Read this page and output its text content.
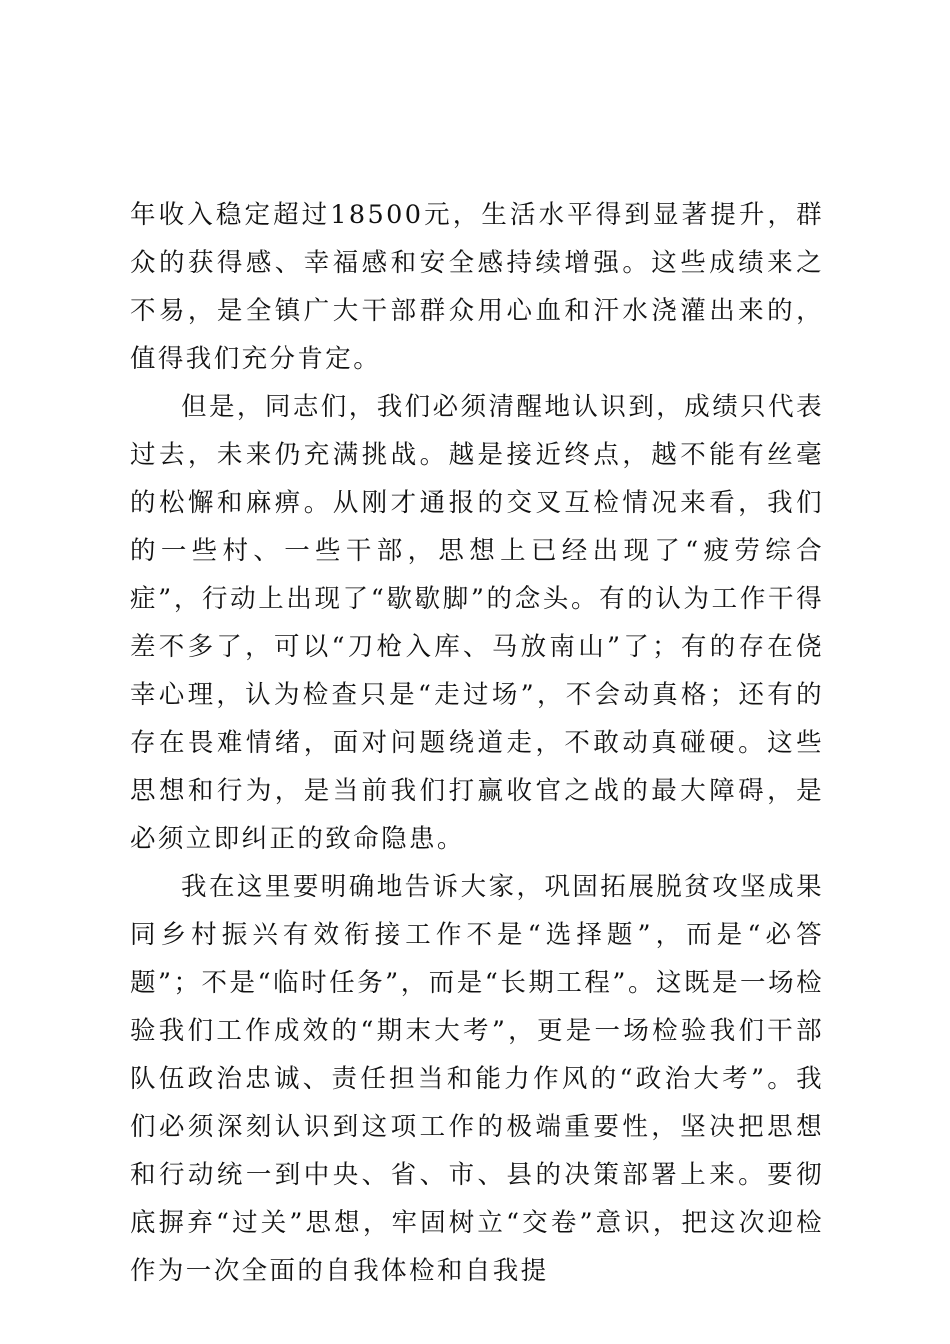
年收入稳定超过18500元，生活水平得到显著提升，群众的获得感、幸福感和安全感持续增强。这些成绩来之不易，是全镇广大干部群众用心血和汗水浇灌出来的，值得我们充分肯定。

但是，同志们，我们必须清醒地认识到，成绩只代表过去，未来仍充满挑战。越是接近终点，越不能有丝毫的松懈和麻痹。从刚才通报的交叉互检情况来看，我们的一些村、一些干部，思想上已经出现了“疲劳综合症”，行动上出现了“歇歇脚”的念头。有的认为工作干得差不多了，可以“刀枪入库、马放南山”了；有的存在侥幸心理，认为检查只是“走过场”，不会动真格；还有的存在畏难情绪，面对问题绕道走，不敢动真碰硬。这些思想和行为，是当前我们打赢收官之战的最大障碍，是必须立即纠正的致命隐患。

我在这里要明确地告诉大家，巩固拓展脱贫攻坚成果同乡村振兴有效衔接工作不是“选择题”，而是“必答题”；不是“临时任务”，而是“长期工程”。这既是一场检验我们工作成效的“期末大考”，更是一场检验我们干部队伍政治忠诚、责任担当和能力作风的“政治大考”。我们必须深刻认识到这项工作的极端重要性，坚决把思想和行动统一到中央、省、市、县的决策部署上来。要彻底摒弃“过关”思想，牢固树立“交卷”意识，把这次迎检作为一次全面的自我体检和自我提
